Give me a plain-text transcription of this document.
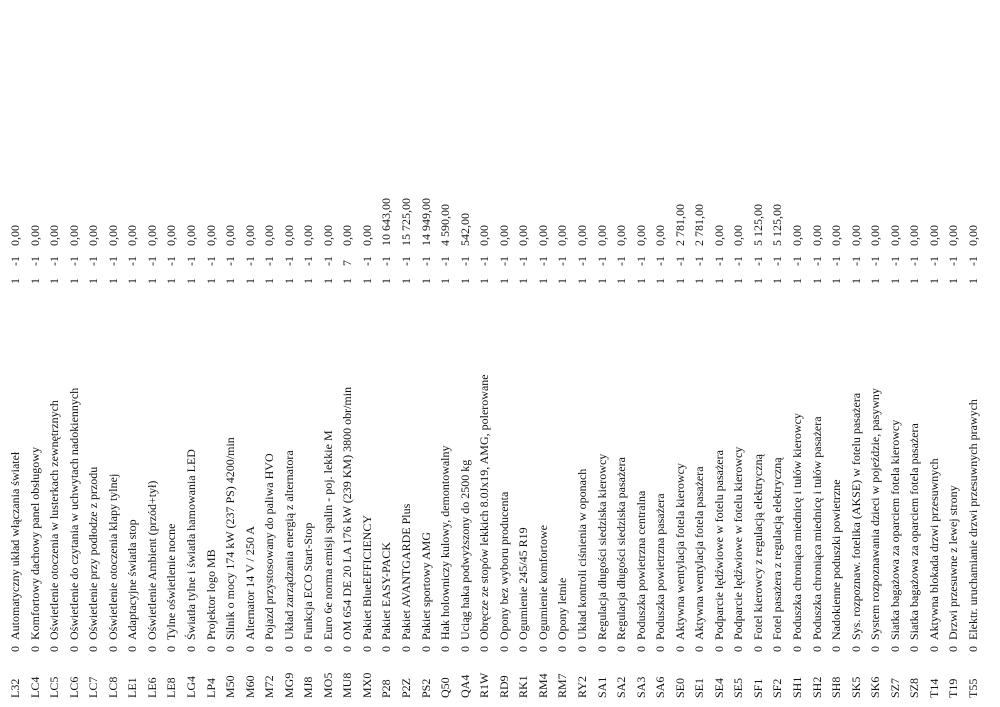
L32
0
Automatyczny układ włączania świateł
1
-1
0,00
LC4
0
Komfortowy dachowy panel obsługowy
1
-1
0,00
LC5
0
Oświetlenie otoczenia w lusterkach zewnętrznych
1
-1
0,00
LC6
0
Oświetlenie do czytania w uchwytach nadokiennych
1
-1
0,00
LC7
0
Oświetlenie przy podłodze z przodu
1
-1
0,00
LC8
0
Oświetlenie otoczenia klapy tylnej
1
-1
0,00
LE1
0
Adaptacyjne światła stop
1
-1
0,00
LE6
0
Oświetlenie Ambient (przód+tył)
1
-1
0,00
LE8
0
Tylne oświetlenie nocne
1
-1
0,00
LG4
0
Światła tylne i światła hamowania LED
1
-1
0,00
LP4
0
Projektor logo MB
1
-1
0,00
M50
0
Silnik o mocy 174 kW (237 PS) 4200/min
1
-1
0,00
M60
0
Alternator 14 V / 250 A
1
-1
0,00
M72
0
Pojazd przystosowany do paliwa HVO
1
-1
0,00
MG9
0
Układ zarządzania energią z alternatora
1
-1
0,00
MJ8
0
Funkcja ECO Start-Stop
1
-1
0,00
MO5
0
Euro 6e norma emisji spalin - poj. lekkie M
1
-1
0,00
MU8
0
OM 654 DE 20 LA 176 kW (239 KM) 3800 obr/min
1
7
0,00
MX0
0
Pakiet BlueEFFICIENCY
1
-1
0,00
P28
0
Pakiet EASY-PACK
1
-1
10 643,00
P2Z
0
Pakiet AVANTGARDE Plus
1
-1
15 725,00
PS2
0
Pakiet sportowy AMG
1
-1
14 949,00
Q50
0
Hak holowniczy kulowy, demontowalny
1
-1
4 590,00
QA4
0
Uciąg haka podwyższony do 2500 kg
1
-1
542,00
R1W
0
Obręcze ze stopów lekkich 8.0Jx19, AMG, polerowane
1
-1
0,00
RD9
0
Opony bez wyboru producenta
1
-1
0,00
RK1
0
Ogumienie 245/45 R19
1
-1
0,00
RM4
0
Ogumienie komfortowe
1
-1
0,00
RM7
0
Opony letnie
1
-1
0,00
RY2
0
Układ kontroli ciśnienia w oponach
1
-1
0,00
SA1
0
Regulacja długości siedziska kierowcy
1
-1
0,00
SA2
0
Regulacja długości siedziska pasażera
1
-1
0,00
SA3
0
Poduszka powietrzna centralna
1
-1
0,00
SA6
0
Poduszka powietrzna pasażera
1
-1
0,00
SE0
0
Aktywna wentylacja fotela kierowcy
1
-1
2 781,00
SE1
0
Aktywna wentylacja fotela pasażera
1
-1
2 781,00
SE4
0
Podparcie lędźwiowe w fotelu pasażera
1
-1
0,00
SE5
0
Podparcie lędźwiowe w fotelu kierowcy
1
-1
0,00
SF1
0
Fotel kierowcy z regulacją elektryczną
1
-1
5 125,00
SF2
0
Fotel pasażera z regulacją elektryczną
1
-1
5 125,00
SH1
0
Poduszka chroniąca miednicę i tułów kierowcy
1
-1
0,00
SH2
0
Poduszka chroniąca miednicę i tułów pasażera
1
-1
0,00
SH8
0
Nadokienne poduszki powietrzne
1
-1
0,00
SK5
0
Sys. rozpoznaw. fotelika (AKSE) w fotelu pasażera
1
-1
0,00
SK6
0
System rozpoznawania dzieci w pojeździe, pasywny
1
-1
0,00
SZ7
0
Siatka bagażowa za oparciem fotela kierowcy
1
-1
0,00
SZ8
0
Siatka bagażowa za oparciem fotela pasażera
1
-1
0,00
T14
0
Aktywna blokada drzwi przesuwnych
1
-1
0,00
T19
0
Drzwi przesuwne z lewej strony
1
-1
0,00
T55
0
Elektr. uruchamianie drzwi przesuwnych prawych
1
-1
0,00
